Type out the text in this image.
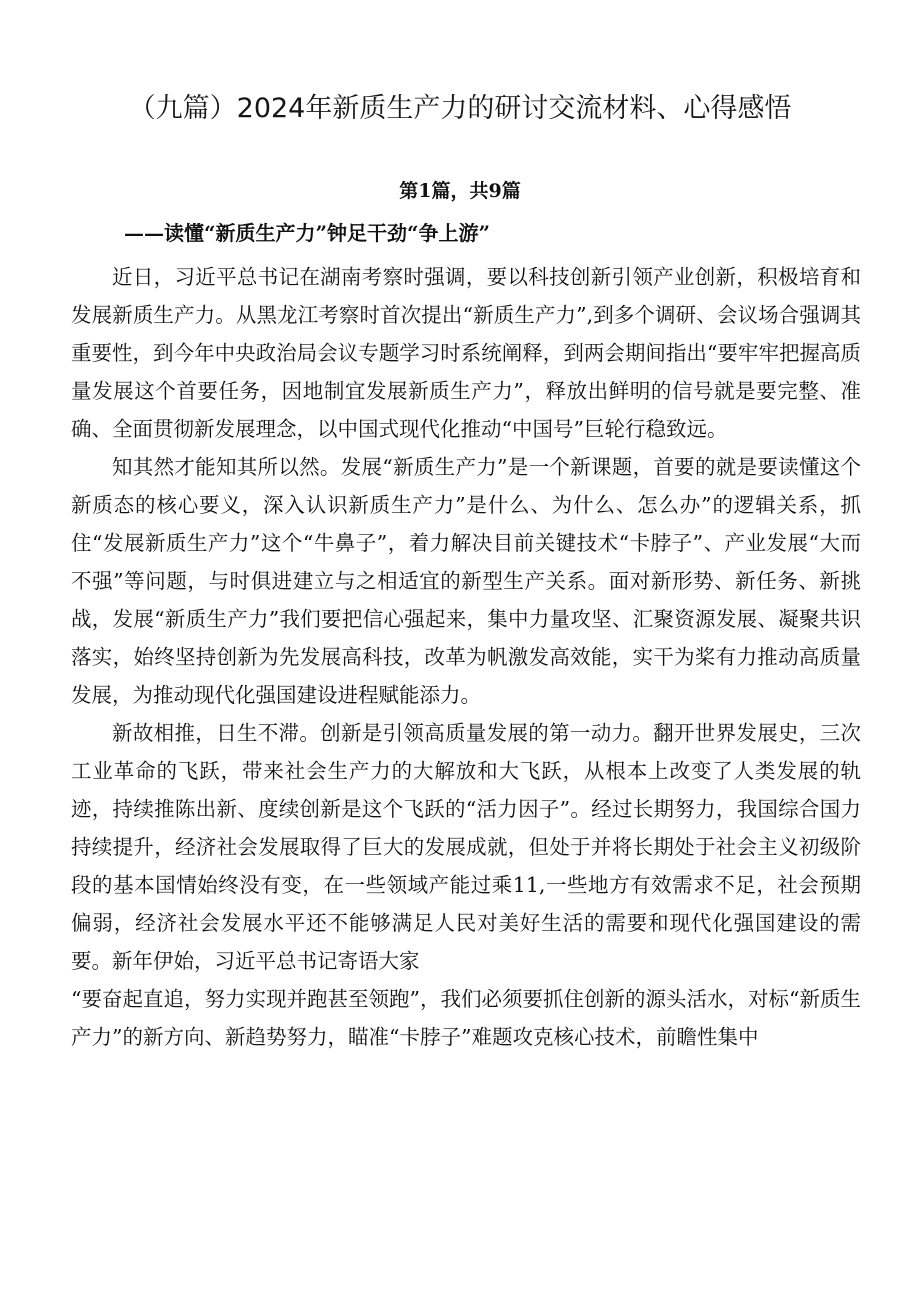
（九篇）2024年新质生产力的研讨交流材料、心得感悟
第1篇，共9篇
——读懂“新质生产力”钟足干劲“争上游”

近日，习近平总书记在湖南考察时强调，要以科技创新引领产业创新，积极培育和发展新质生产力。从黑龙江考察时首次提出“新质生产力”,到多个调研、会议场合强调其重要性，到今年中央政治局会议专题学习时系统阐释，到两会期间指出“要牢牢把握高质量发展这个首要任务，因地制宜发展新质生产力”，释放出鲜明的信号就是要完整、准确、全面贯彻新发展理念，以中国式现代化推动“中国号”巨轮行稳致远。

知其然才能知其所以然。发展“新质生产力”是一个新课题，首要的就是要读懂这个新质态的核心要义，深入认识新质生产力”是什么、为什么、怎么办”的逻辑关系，抓住“发展新质生产力”这个“牛鼻子”，着力解决目前关键技术“卡脖子”、产业发展“大而不强”等问题，与时俱进建立与之相适宜的新型生产关系。面对新形势、新任务、新挑战，发展“新质生产力”我们要把信心强起来，集中力量攻坚、汇聚资源发展、凝聚共识落实，始终坚持创新为先发展高科技，改革为帆激发高效能，实干为桨有力推动高质量发展，为推动现代化强国建设进程赋能添力。

新故相推，日生不滞。创新是引领高质量发展的第一动力。翻开世界发展史，三次工业革命的飞跃，带来社会生产力的大解放和大飞跃，从根本上改变了人类发展的轨迹，持续推陈出新、度续创新是这个飞跃的“活力因子”。经过长期努力，我国综合国力持续提升，经济社会发展取得了巨大的发展成就，但处于并将长期处于社会主义初级阶段的基本国情始终没有变，在一些领域产能过乘11,一些地方有效需求不足，社会预期偏弱，经济社会发展水平还不能够满足人民对美好生活的需要和现代化强国建设的需要。新年伊始，习近平总书记寄语大家

“要奋起直追，努力实现并跑甚至领跑”，我们必须要抓住创新的源头活水，对标“新质生产力”的新方向、新趋势努力，瞄准“卡脖子”难题攻克核心技术，前瞻性集中
